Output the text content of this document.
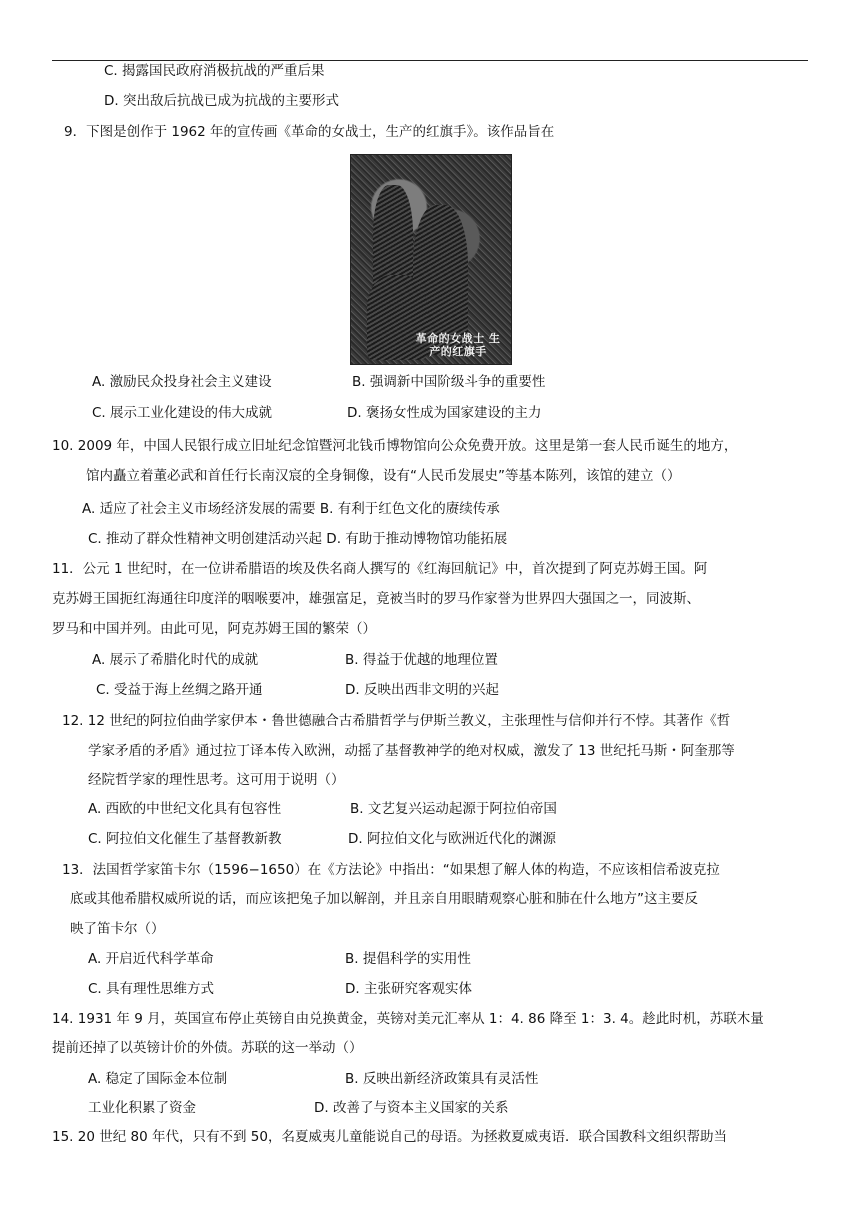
C. 揭露国民政府消极抗战的严重后果
D. 突出敌后抗战已成为抗战的主要形式
9．下图是创作于 1962 年的宣传画《革命的女战士，生产的红旗手》。该作品旨在
革命的女战士 生产的红旗手
A. 激励民众投身社会主义建设	B. 强调新中国阶级斗争的重要性
C. 展示工业化建设的伟大成就	D. 褒扬女性成为国家建设的主力
10. 2009 年，中国人民银行成立旧址纪念馆暨河北钱币博物馆向公众免费开放。这里是第一套人民币诞生的地方，
馆内矗立着董必武和首任行长南汉宸的全身铜像，设有“人民币发展史”等基本陈列，该馆的建立（）
A. 适应了社会主义市场经济发展的需要 B. 有利于红色文化的赓续传承
C. 推动了群众性精神文明创建活动兴起 D. 有助于推动博物馆功能拓展
11．公元 1 世纪时，在一位讲希腊语的埃及佚名商人撰写的《红海回航记》中，首次提到了阿克苏姆王国。阿
克苏姆王国扼红海通往印度洋的咽喉要冲，雄强富足，竟被当时的罗马作家誉为世界四大强国之一，同波斯、
罗马和中国并列。由此可见，阿克苏姆王国的繁荣（）
A. 展示了希腊化时代的成就	B. 得益于优越的地理位置
C. 受益于海上丝绸之路开通	D. 反映出西非文明的兴起
12. 12 世纪的阿拉伯曲学家伊本・鲁世德融合古希腊哲学与伊斯兰教义，主张理性与信仰并行不悖。其著作《哲
学家矛盾的矛盾》通过拉丁译本传入欧洲，动摇了基督教神学的绝对权威，激发了 13 世纪托马斯・阿奎那等
经院哲学家的理性思考。这可用于说明（）
A. 西欧的中世纪文化具有包容性	B. 文艺复兴运动起源于阿拉伯帝国
C. 阿拉伯文化催生了基督教新教	D. 阿拉伯文化与欧洲近代化的渊源
13．法国哲学家笛卡尔（1596−1650）在《方法论》中指出：“如果想了解人体的构造，不应该相信希波克拉
底或其他希腊权威所说的话，而应该把兔子加以解剖，并且亲自用眼睛观察心脏和肺在什么地方”这主要反
映了笛卡尔（）
A. 开启近代科学革命	B. 提倡科学的实用性
C. 具有理性思维方式	D. 主张研究客观实体
14. 1931 年 9 月，英国宣布停止英镑自由兑换黄金，英镑对美元汇率从 1：4. 86 降至 1：3. 4。趁此时机，苏联木量
提前还掉了以英镑计价的外债。苏联的这一举动（）
A. 稳定了国际金本位制	B. 反映出新经济政策具有灵活性
工业化积累了资金	D. 改善了与资本主义国家的关系
15. 20 世纪 80 年代，只有不到 50，名夏威夷儿童能说自己的母语。为拯救夏威夷语．联合国教科文组织帮助当
